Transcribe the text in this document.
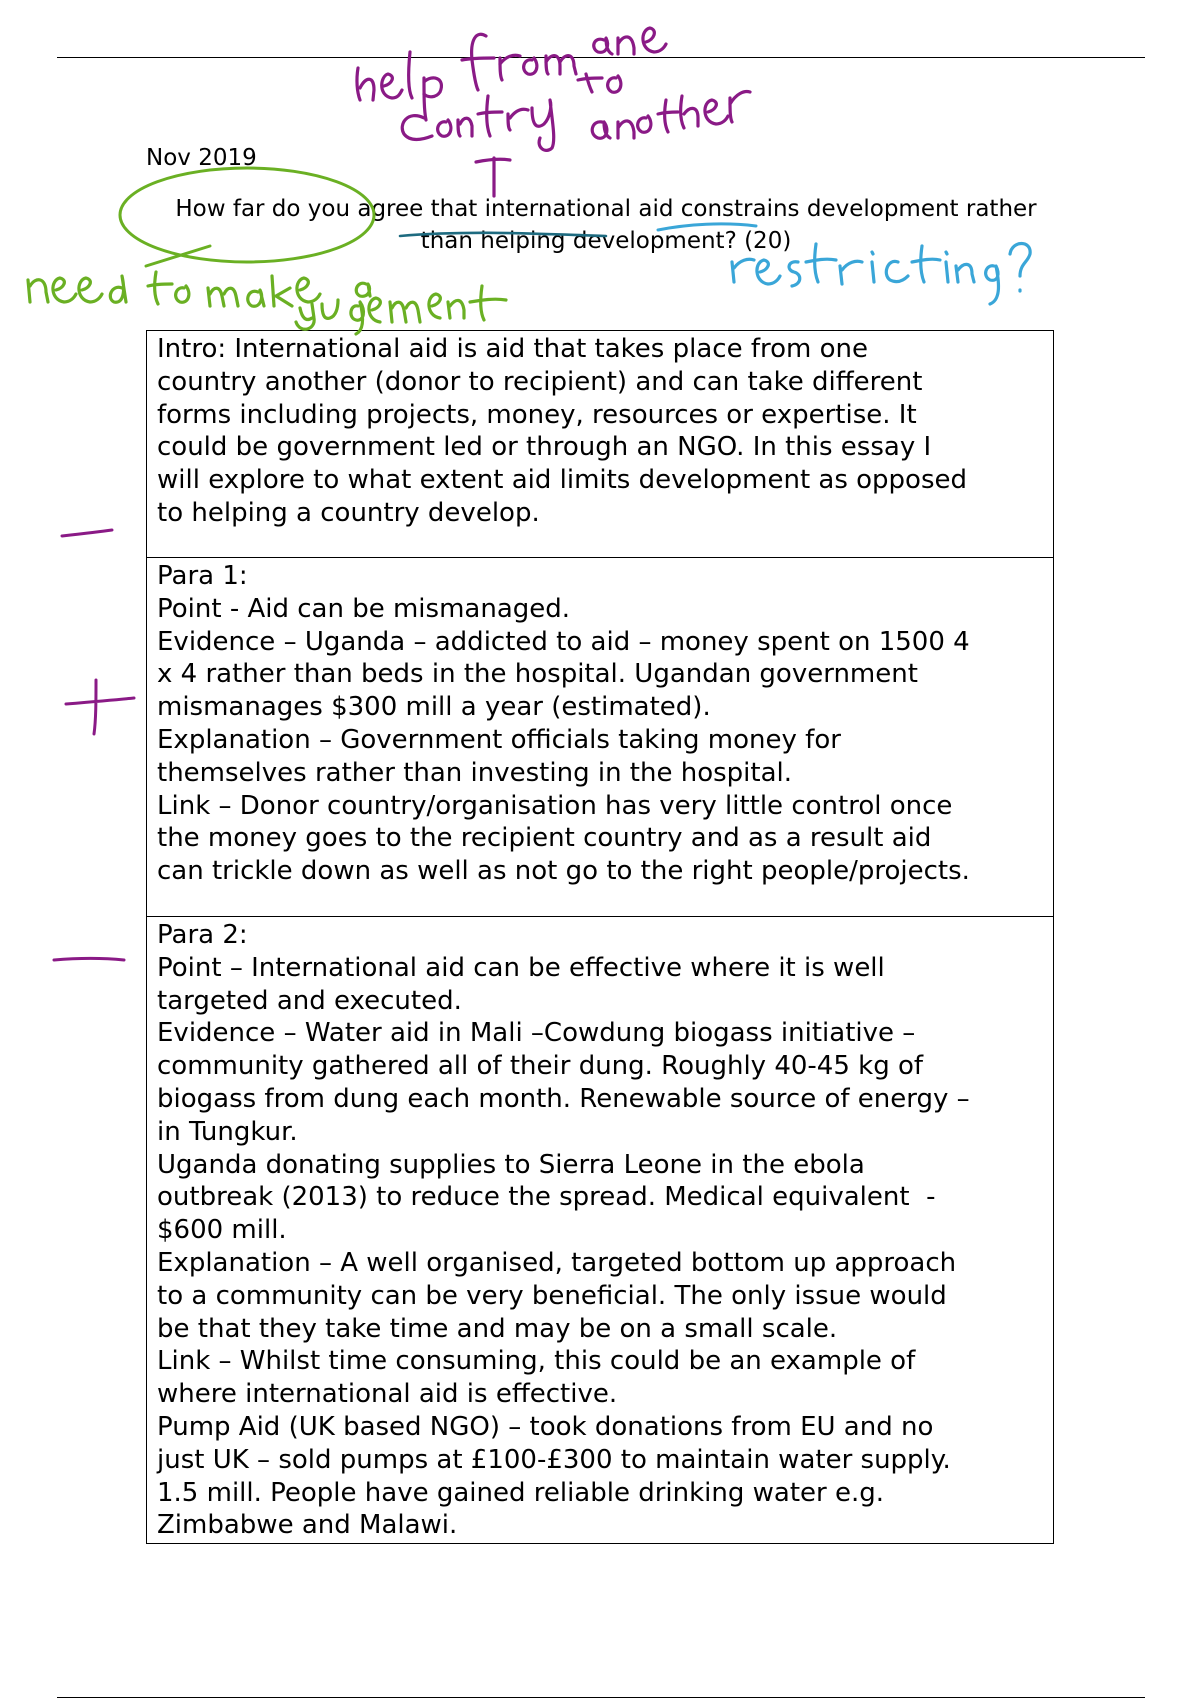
Nov 2019
How far do you agree that international aid constrains development rather
than helping development? (20)
Intro: International aid is aid that takes place from one
country another (donor to recipient) and can take different
forms including projects, money, resources or expertise. It
could be government led or through an NGO. In this essay I
will explore to what extent aid limits development as opposed
to helping a country develop.
Para 1:
Point - Aid can be mismanaged.
Evidence – Uganda – addicted to aid – money spent on 1500 4
x 4 rather than beds in the hospital. Ugandan government
mismanages $300 mill a year (estimated).
Explanation – Government officials taking money for
themselves rather than investing in the hospital.
Link – Donor country/organisation has very little control once
the money goes to the recipient country and as a result aid
can trickle down as well as not go to the right people/projects.
Para 2:
Point – International aid can be effective where it is well
targeted and executed.
Evidence – Water aid in Mali –Cowdung biogass initiative –
community gathered all of their dung. Roughly 40-45 kg of
biogass from dung each month. Renewable source of energy –
in Tungkur.
Uganda donating supplies to Sierra Leone in the ebola
outbreak (2013) to reduce the spread. Medical equivalent  -
$600 mill.
Explanation – A well organised, targeted bottom up approach
to a community can be very beneficial. The only issue would
be that they take time and may be on a small scale.
Link – Whilst time consuming, this could be an example of
where international aid is effective.
Pump Aid (UK based NGO) – took donations from EU and no
just UK – sold pumps at £100-£300 to maintain water supply.
1.5 mill. People have gained reliable drinking water e.g.
Zimbabwe and Malawi.
